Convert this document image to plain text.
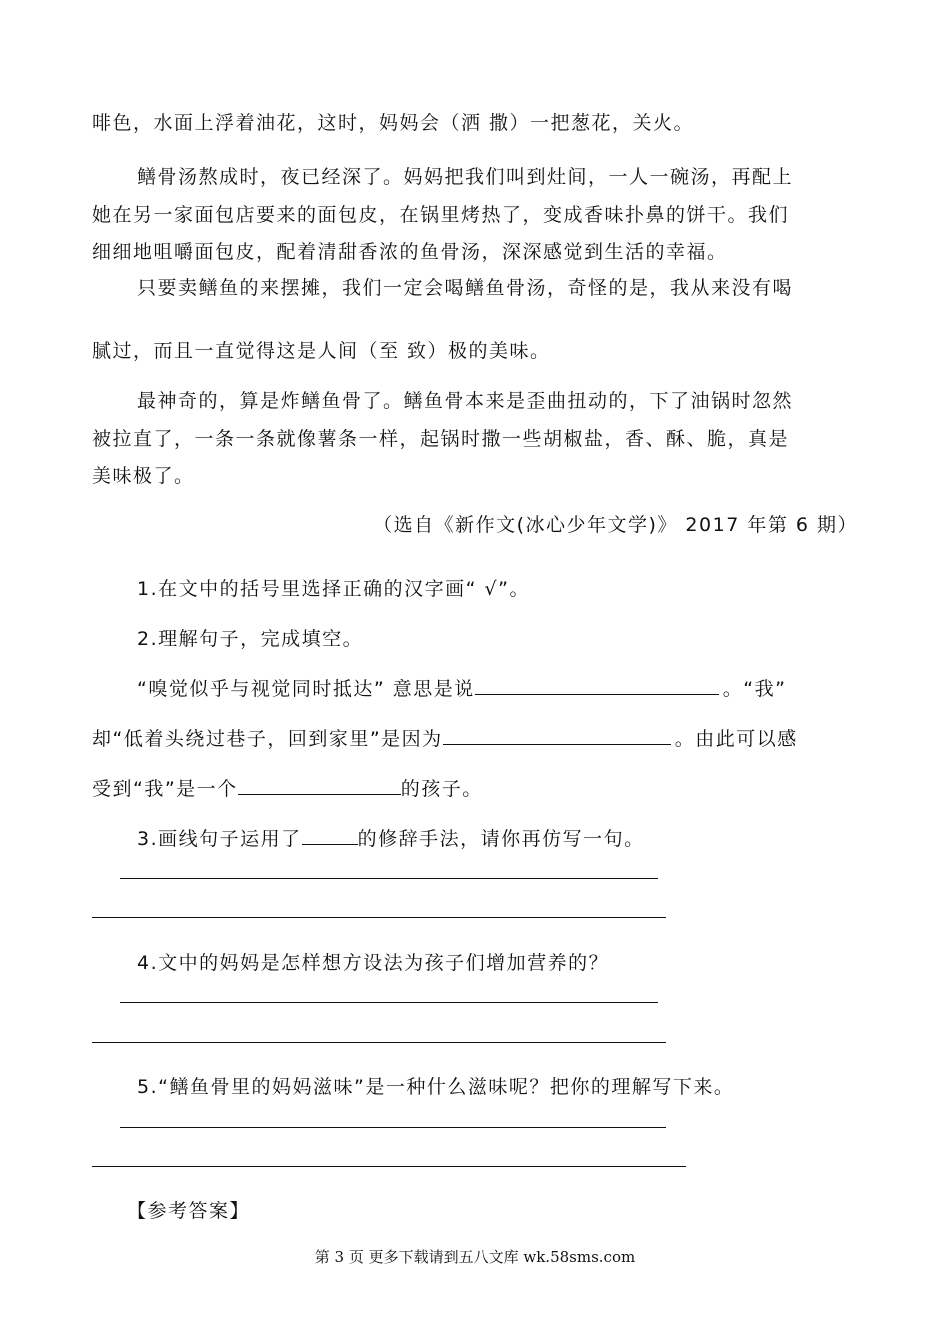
啡色，水面上浮着油花，这时，妈妈会（洒 撒）一把葱花，关火。
鳝骨汤熬成时，夜已经深了。妈妈把我们叫到灶间，一人一碗汤，再配上
她在另一家面包店要来的面包皮，在锅里烤热了，变成香味扑鼻的饼干。我们
细细地咀嚼面包皮，配着清甜香浓的鱼骨汤，深深感觉到生活的幸福。
只要卖鳝鱼的来摆摊，我们一定会喝鳝鱼骨汤，奇怪的是，我从来没有喝
腻过，而且一直觉得这是人间（至 致）极的美味。
最神奇的，算是炸鳝鱼骨了。鳝鱼骨本来是歪曲扭动的，下了油锅时忽然
被拉直了，一条一条就像薯条一样，起锅时撒一些胡椒盐，香、酥、脆，真是
美味极了。
（选自《新作文(冰心少年文学)》 2017 年第 6 期）
1.在文中的括号里选择正确的汉字画“ √”。
2.理解句子，完成填空。
“嗅觉似乎与视觉同时抵达” 意思是说	。“我”
却“低着头绕过巷子，回到家里”是因为	。由此可以感
受到“我”是一个	的孩子。
3.画线句子运用了	的修辞手法，请你再仿写一句。
4.文中的妈妈是怎样想方设法为孩子们增加营养的？
5.“鳝鱼骨里的妈妈滋味”是一种什么滋味呢？把你的理解写下来。
【参考答案】
第 3 页 更多下载请到五八文库 wk.58sms.com
